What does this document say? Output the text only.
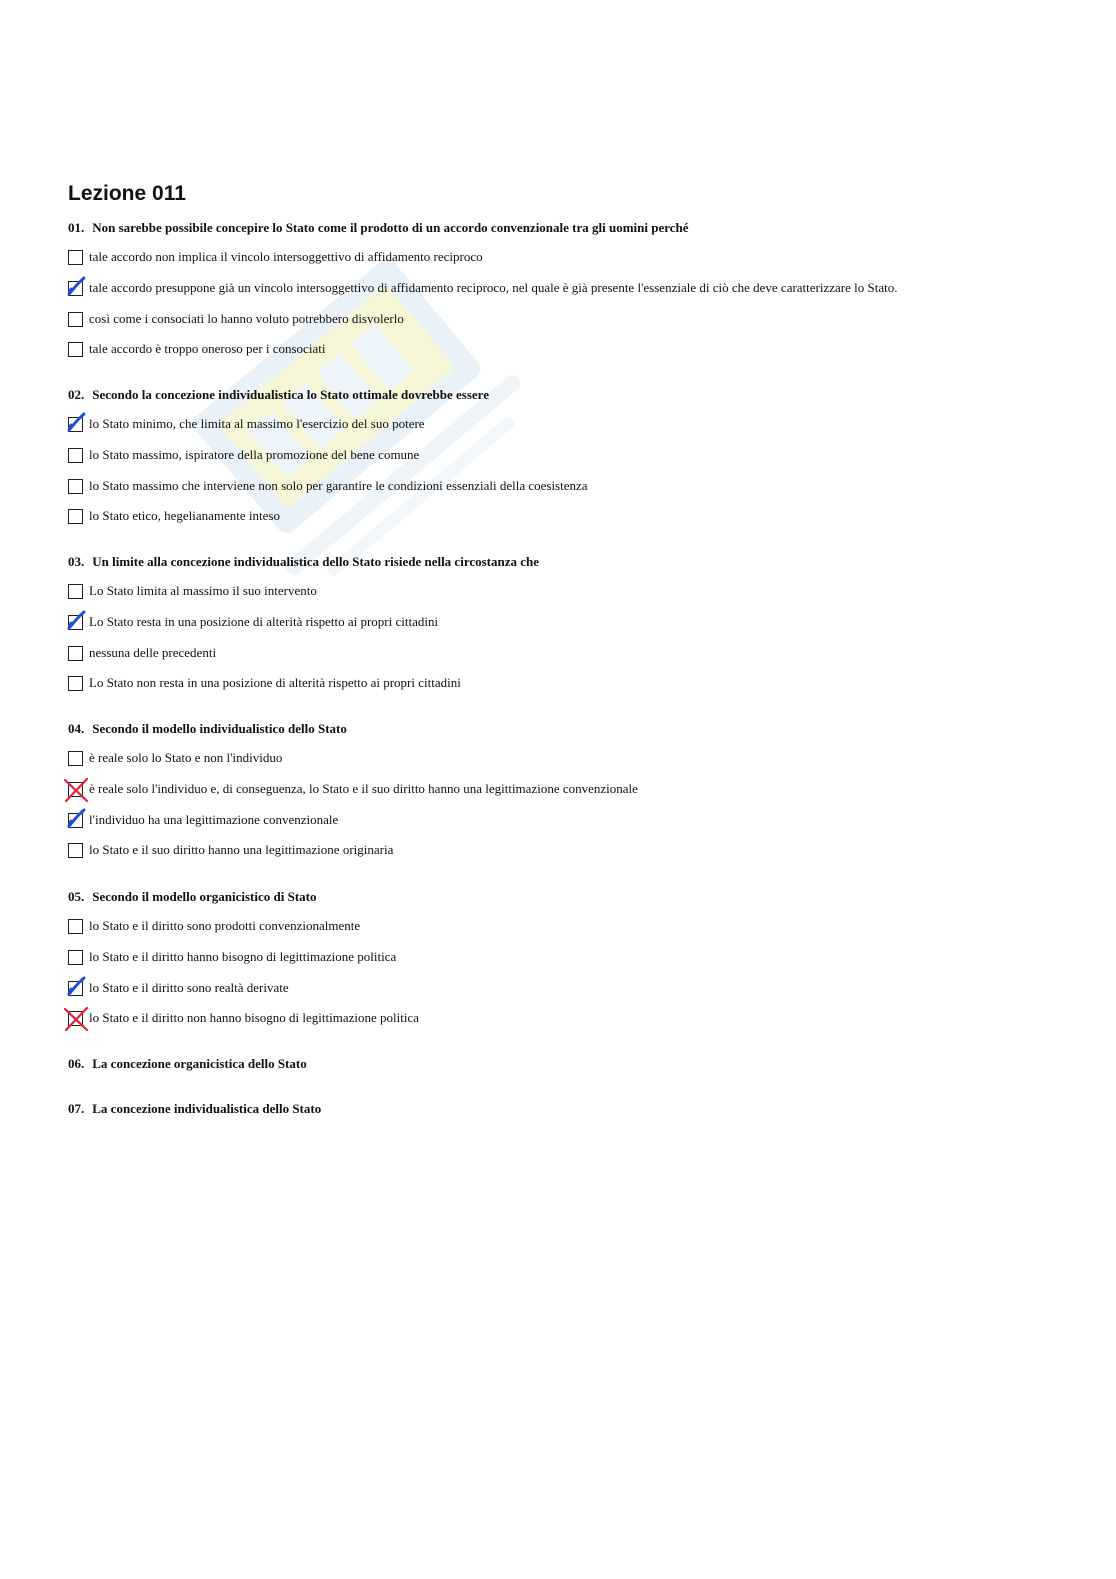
Lezione 011

01. Non sarebbe possibile concepire lo Stato come il prodotto di un accordo convenzionale tra gli uomini perché

tale accordo non implica il vincolo intersoggettivo di affidamento reciproco
tale accordo presuppone già un vincolo intersoggettivo di affidamento reciproco, nel quale è già presente l'essenziale di ciò che deve caratterizzare lo Stato.
così come i consociati lo hanno voluto potrebbero disvolerlo
tale accordo è troppo oneroso per i consociati

02. Secondo la concezione individualistica lo Stato ottimale dovrebbe essere

lo Stato minimo, che limita al massimo l'esercizio del suo potere
lo Stato massimo, ispiratore della promozione del bene comune
lo Stato massimo che interviene non solo per garantire le condizioni essenziali della coesistenza
lo Stato etico, hegelianamente inteso

03. Un limite alla concezione individualistica dello Stato risiede nella circostanza che

Lo Stato limita al massimo il suo intervento
Lo Stato resta in una posizione di alterità rispetto ai propri cittadini
nessuna delle precedenti
Lo Stato non resta in una posizione di alterità rispetto ai propri cittadini

04. Secondo il modello individualistico dello Stato

è reale solo lo Stato e non l'individuo
è reale solo l'individuo e, di conseguenza, lo Stato e il suo diritto hanno una legittimazione convenzionale
l'individuo ha una legittimazione convenzionale
lo Stato e il suo diritto hanno una legittimazione originaria

05. Secondo il modello organicistico di Stato

lo Stato e il diritto sono prodotti convenzionalmente
lo Stato e il diritto hanno bisogno di legittimazione politica
lo Stato e il diritto sono realtà derivate
lo Stato e il diritto non hanno bisogno di legittimazione politica

06. La concezione organicistica dello Stato

07. La concezione individualistica dello Stato
